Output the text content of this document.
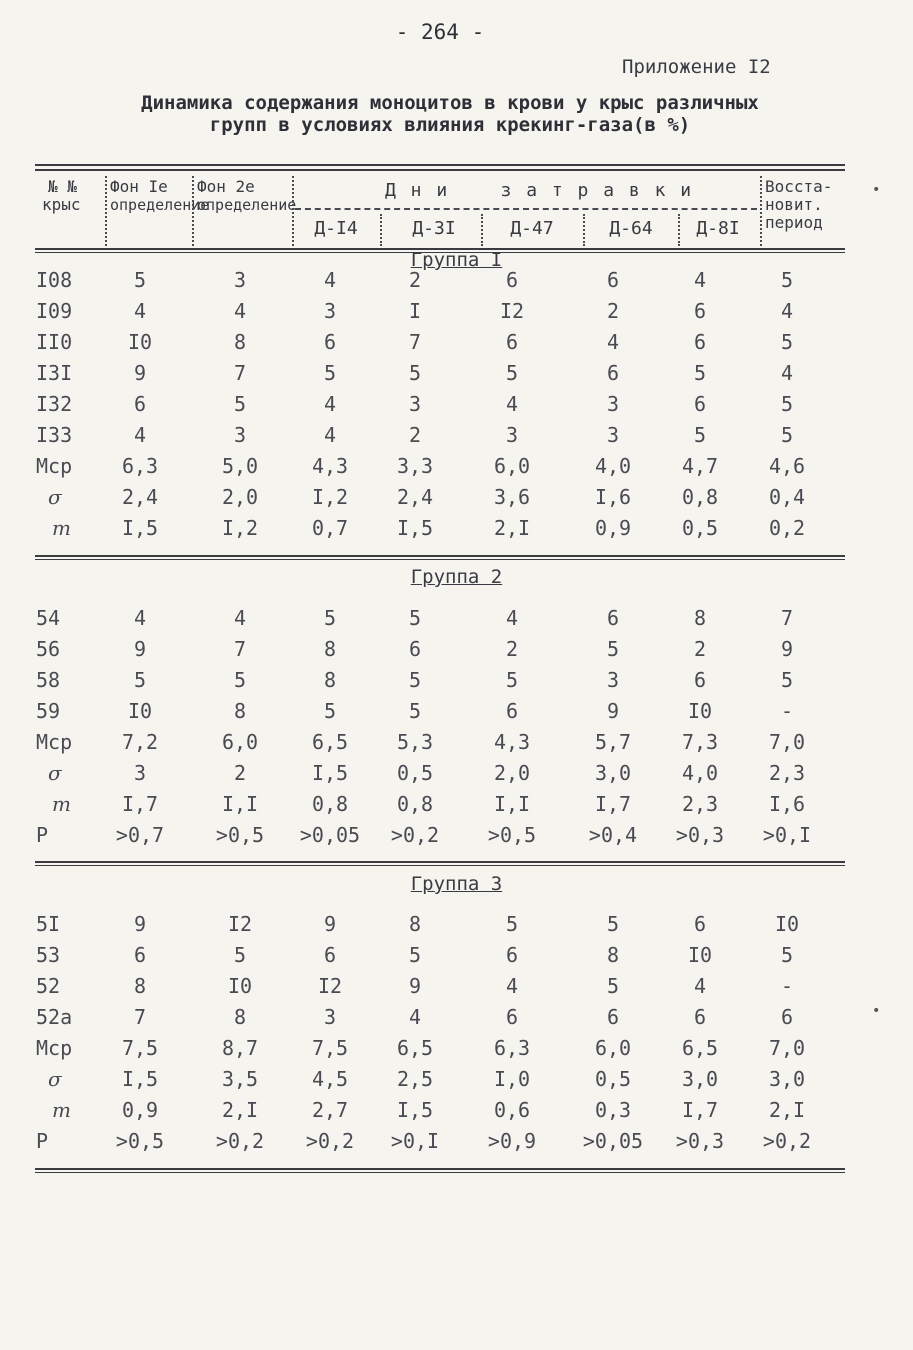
- 264 -
Приложение I2
Динамика содержания моноцитов в крови у крыс различных
групп в условиях влияния крекинг-газа(в %)
№ №
крыс
Фон Iе
определение
Фон 2е
определение
Д н и    з а т р а в к и
Д-I4	Д-3I	Д-47	Д-64 Д-8I
Восста-
новит.
период
Группа I
I08	5	3	4	2	6	6	4	5
I09	4	4	3	I	I2	2	6	4
II0	I0	8	6	7	6	4	6	5
I3I	9	7	5	5	5	6	5	4
I32	6	5	4	3	4	3	6	5
I33	4	3	4	2	3	3	5	5
Мср 6,3	5,0	4,3 3,3	6,0	4,0	4,7	4,6
σ	2,4	2,0	I,2 2,4	3,6	I,6	0,8	0,4
m	I,5	I,2	0,7 I,5	2,I	0,9	0,5	0,2
Группа 2
54	4	4	5	5	4	6	8	7
56	9	7	8	6	2	5	2	9
58	5	5	8	5	5	3	6	5
59	I0	8	5	5	6	9	I0	-
Мср 7,2	6,0	6,5 5,3	4,3	5,7	7,3	7,0
σ	3	2	I,5 0,5	2,0	3,0	4,0	2,3
m	I,7	I,I	0,8 0,8	I,I	I,7	2,3	I,6
P	>0,7	>0,5 >0,05 >0,2 >0,5	>0,4 >0,3 >0,I
Группа 3
5I	9	I2	9	8	5	5	6	I0
53	6	5	6	5	6	8	I0	5
52	8	I0	I2	9	4	5	4	-
52а	7	8	3	4	6	6	6	6
Мср 7,5	8,7	7,5 6,5	6,3	6,0	6,5	7,0
σ	I,5	3,5	4,5 2,5	I,0	0,5	3,0	3,0
m	0,9	2,I	2,7 I,5	0,6	0,3	I,7	2,I
P	>0,5	>0,2 >0,2 >0,I >0,9 >0,05 >0,3 >0,2
•
•
